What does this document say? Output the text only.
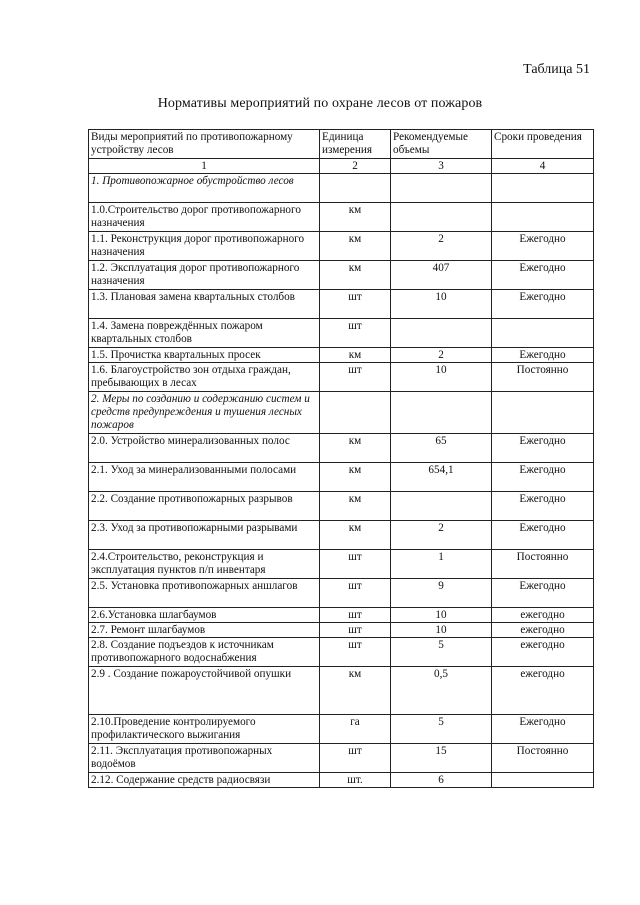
Таблица 51
Нормативы мероприятий по охране лесов от пожаров
Виды мероприятий по противопожарному устройству лесов	Единица измерения	Рекомендуемые объемы	Сроки проведения
1	2	3	4
1. Противопожарное обустройство лесов			
1.0.Строительство дорог противопожарного назначения	км		
1.1. Реконструкция дорог противопожарного назначения	км	2	Ежегодно
1.2. Эксплуатация дорог противопожарного назначения	км	407	Ежегодно
1.3. Плановая замена квартальных столбов	шт	10	Ежегодно
1.4. Замена повреждённых пожаром квартальных столбов	шт		
1.5. Прочистка квартальных просек	км	2	Ежегодно
1.6. Благоустройство зон отдыха граждан, пребывающих в лесах	шт	10	Постоянно
2. Меры по созданию и содержанию систем и средств предупреждения и тушения лесных пожаров			
2.0. Устройство минерализованных полос	км	65	Ежегодно
2.1. Уход за минерализованными полосами	км	654,1	Ежегодно
2.2. Создание противопожарных разрывов	км		Ежегодно
2.3. Уход за противопожарными разрывами	км	2	Ежегодно
2.4.Строительство, реконструкция и эксплуатация пунктов п/п инвентаря	шт	1	Постоянно
2.5. Установка противопожарных аншлагов	шт	9	Ежегодно
2.6.Установка шлагбаумов	шт	10	ежегодно
2.7. Ремонт шлагбаумов	шт	10	ежегодно
2.8. Создание подъездов к источникам противопожарного водоснабжения	шт	5	ежегодно
2.9 . Создание пожароустойчивой опушки	км	0,5	ежегодно
2.10.Проведение контролируемого профилактического выжигания	га	5	Ежегодно
2.11. Эксплуатация противопожарных водоёмов	шт	15	Постоянно
2.12. Содержание средств радиосвязи	шт.	6	
